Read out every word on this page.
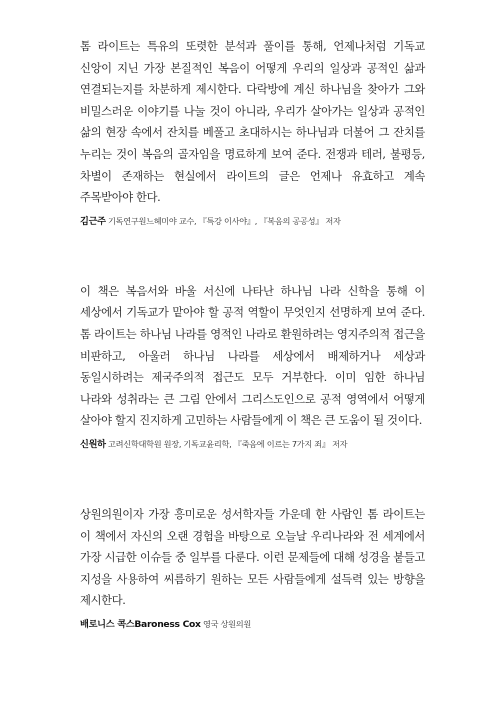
톰 라이트는 특유의 또렷한 분석과 풀이를 통해, 언제나처럼 기독교 신앙이 지닌 가장 본질적인 복음이 어떻게 우리의 일상과 공적인 삶과 연결되는지를 차분하게 제시한다. 다락방에 계신 하나님을 찾아가 그와 비밀스러운 이야기를 나눌 것이 아니라, 우리가 살아가는 일상과 공적인 삶의 현장 속에서 잔치를 베풀고 초대하시는 하나님과 더불어 그 잔치를 누리는 것이 복음의 골자임을 명료하게 보여 준다. 전쟁과 테러, 불평등, 차별이 존재하는 현실에서 라이트의 글은 언제나 유효하고 계속 주목받아야 한다.

김근주 기독연구원느헤미야 교수, 『특강 이사야』, 『복음의 공공성』 저자

이 책은 복음서와 바울 서신에 나타난 하나님 나라 신학을 통해 이 세상에서 기독교가 맡아야 할 공적 역할이 무엇인지 선명하게 보여 준다. 톰 라이트는 하나님 나라를 영적인 나라로 환원하려는 영지주의적 접근을 비판하고, 아울러 하나님 나라를 세상에서 배제하거나 세상과 동일시하려는 제국주의적 접근도 모두 거부한다. 이미 임한 하나님 나라와 성취라는 큰 그림 안에서 그리스도인으로 공적 영역에서 어떻게 살아야 할지 진지하게 고민하는 사람들에게 이 책은 큰 도움이 될 것이다.

신원하 고려신학대학원 원장, 기독교윤리학, 『죽음에 이르는 7가지 죄』 저자

상원의원이자 가장 흥미로운 성서학자들 가운데 한 사람인 톰 라이트는 이 책에서 자신의 오랜 경험을 바탕으로 오늘날 우리나라와 전 세계에서 가장 시급한 이슈들 중 일부를 다룬다. 이런 문제들에 대해 성경을 붙들고 지성을 사용하여 씨름하기 원하는 모든 사람들에게 설득력 있는 방향을 제시한다.

배로니스 콕스Baroness Cox 영국 상원의원
